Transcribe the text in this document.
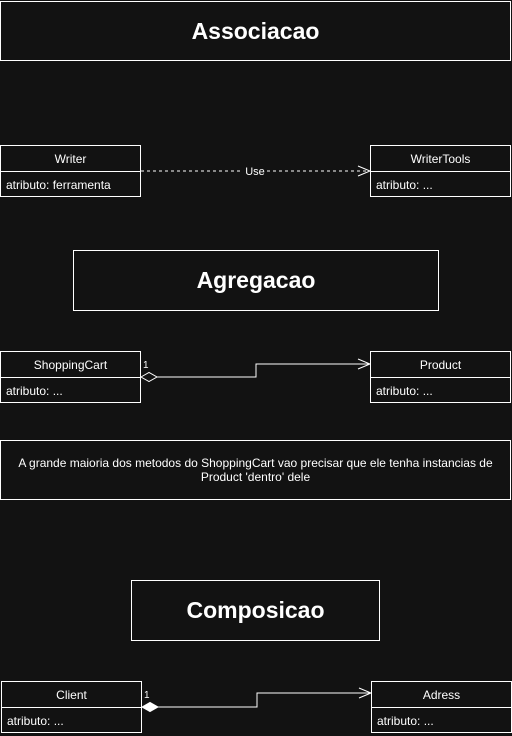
Associacao
Agregacao
Composicao
Use
1
1
Writer
atributo: ferramenta
WriterTools
atributo: ...
ShoppingCart
atributo: ...
Product
atributo: ...
A grande maioria dos metodos do ShoppingCart vao precisar que ele tenha instancias de Product 'dentro' dele
Client
atributo: ...
Adress
atributo: ...
